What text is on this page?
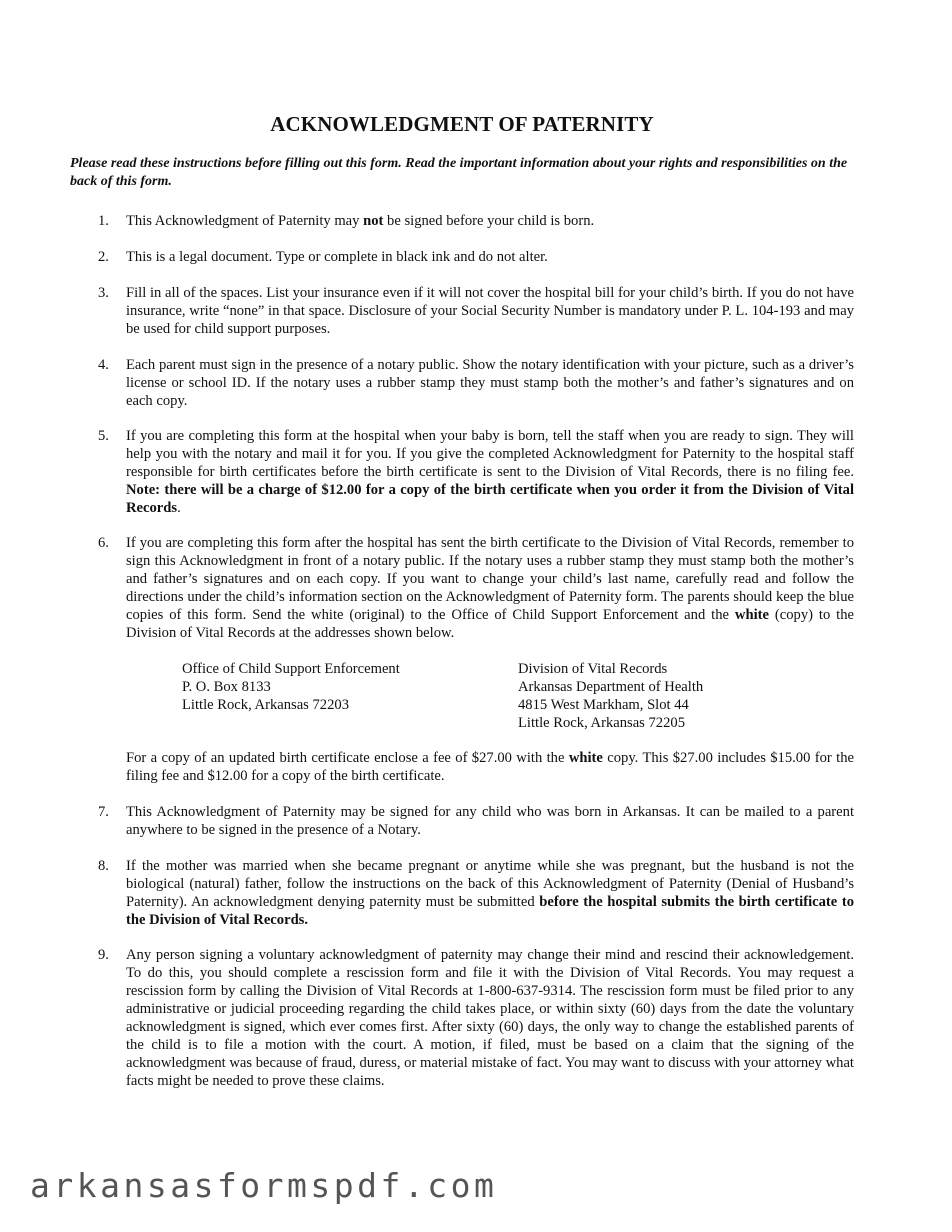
ACKNOWLEDGMENT OF PATERNITY
Please read these instructions before filling out this form. Read the important information about your rights and responsibilities on the back of this form.
1. This Acknowledgment of Paternity may not be signed before your child is born.
2. This is a legal document. Type or complete in black ink and do not alter.
3. Fill in all of the spaces. List your insurance even if it will not cover the hospital bill for your child’s birth. If you do not have insurance, write “none” in that space. Disclosure of your Social Security Number is mandatory under P. L. 104-193 and may be used for child support purposes.
4. Each parent must sign in the presence of a notary public. Show the notary identification with your picture, such as a driver’s license or school ID. If the notary uses a rubber stamp they must stamp both the mother’s and father’s signatures and on each copy.
5. If you are completing this form at the hospital when your baby is born, tell the staff when you are ready to sign. They will help you with the notary and mail it for you. If you give the completed Acknowledgment for Paternity to the hospital staff responsible for birth certificates before the birth certificate is sent to the Division of Vital Records, there is no filing fee. Note: there will be a charge of $12.00 for a copy of the birth certificate when you order it from the Division of Vital Records.
6. If you are completing this form after the hospital has sent the birth certificate to the Division of Vital Records, remember to sign this Acknowledgment in front of a notary public. If the notary uses a rubber stamp they must stamp both the mother’s and father’s signatures and on each copy. If you want to change your child’s last name, carefully read and follow the directions under the child’s information section on the Acknowledgment of Paternity form. The parents should keep the blue copies of this form. Send the white (original) to the Office of Child Support Enforcement and the white (copy) to the Division of Vital Records at the addresses shown below.
Office of Child Support Enforcement
P. O. Box 8133
Little Rock, Arkansas 72203
Division of Vital Records
Arkansas Department of Health
4815 West Markham, Slot 44
Little Rock, Arkansas 72205
For a copy of an updated birth certificate enclose a fee of $27.00 with the white copy. This $27.00 includes $15.00 for the filing fee and $12.00 for a copy of the birth certificate.
7. This Acknowledgment of Paternity may be signed for any child who was born in Arkansas. It can be mailed to a parent anywhere to be signed in the presence of a Notary.
8. If the mother was married when she became pregnant or anytime while she was pregnant, but the husband is not the biological (natural) father, follow the instructions on the back of this Acknowledgment of Paternity (Denial of Husband’s Paternity). An acknowledgment denying paternity must be submitted before the hospital submits the birth certificate to the Division of Vital Records.
9. Any person signing a voluntary acknowledgment of paternity may change their mind and rescind their acknowledgement. To do this, you should complete a rescission form and file it with the Division of Vital Records. You may request a rescission form by calling the Division of Vital Records at 1-800-637-9314. The rescission form must be filed prior to any administrative or judicial proceeding regarding the child takes place, or within sixty (60) days from the date the voluntary acknowledgment is signed, which ever comes first. After sixty (60) days, the only way to change the established parents of the child is to file a motion with the court. A motion, if filed, must be based on a claim that the signing of the acknowledgment was because of fraud, duress, or material mistake of fact. You may want to discuss with your attorney what facts might be needed to prove these claims.
arkansasformspdf.com
